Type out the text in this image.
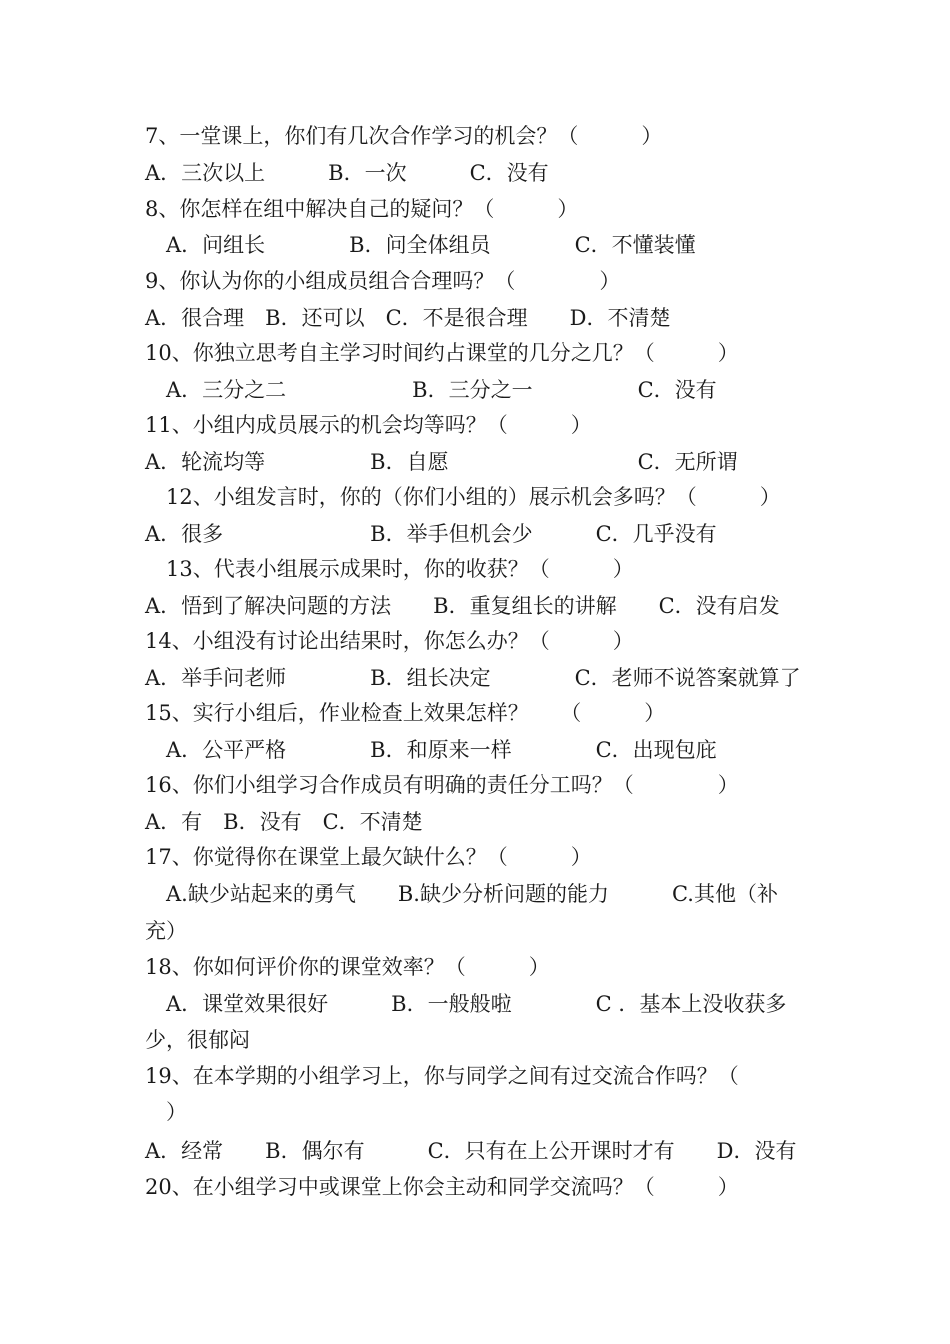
7、一堂课上，你们有几次合作学习的机会？（　　　）
A．三次以上　　　B．一次　　　C．没有
8、你怎样在组中解决自己的疑问？（　　　）
　A．问组长　　　　B．问全体组员　　　　C．不懂装懂
9、你认为你的小组成员组合合理吗？（　　　　）
A．很合理　B．还可以　C．不是很合理　　D．不清楚
10、你独立思考自主学习时间约占课堂的几分之几？（　　　）
　A．三分之二　　　　　　B．三分之一　　　　　C．没有
11、小组内成员展示的机会均等吗？（　　　）
A．轮流均等　　　　　B．自愿　　　　　　　　　C．无所谓
　12、小组发言时，你的（你们小组的）展示机会多吗？（　　　）
A．很多　　　　　　　B．举手但机会少　　　C．几乎没有
　13、代表小组展示成果时，你的收获？（　　　）
A．悟到了解决问题的方法　　B．重复组长的讲解　　C．没有启发
14、小组没有讨论出结果时，你怎么办？（　　　）
A．举手问老师　　　　B．组长决定　　　　C．老师不说答案就算了
15、实行小组后，作业检查上效果怎样？　　（　　　）
　A．公平严格　　　　B．和原来一样　　　　C．出现包庇
16、你们小组学习合作成员有明确的责任分工吗？（　　　　）
A．有　B．没有　C．不清楚
17、你觉得你在课堂上最欠缺什么？（　　　）
　A.缺少站起来的勇气　　B.缺少分析问题的能力　　　C.其他（补
充）
18、你如何评价你的课堂效率？（　　　）
　A．课堂效果很好　　　B．一般般啦　　　　C ．基本上没收获多
少，很郁闷
19、在本学期的小组学习上，你与同学之间有过交流合作吗？（
　）
A．经常　　B．偶尔有　　　C．只有在上公开课时才有　　D．没有
20、在小组学习中或课堂上你会主动和同学交流吗？（　　　）
